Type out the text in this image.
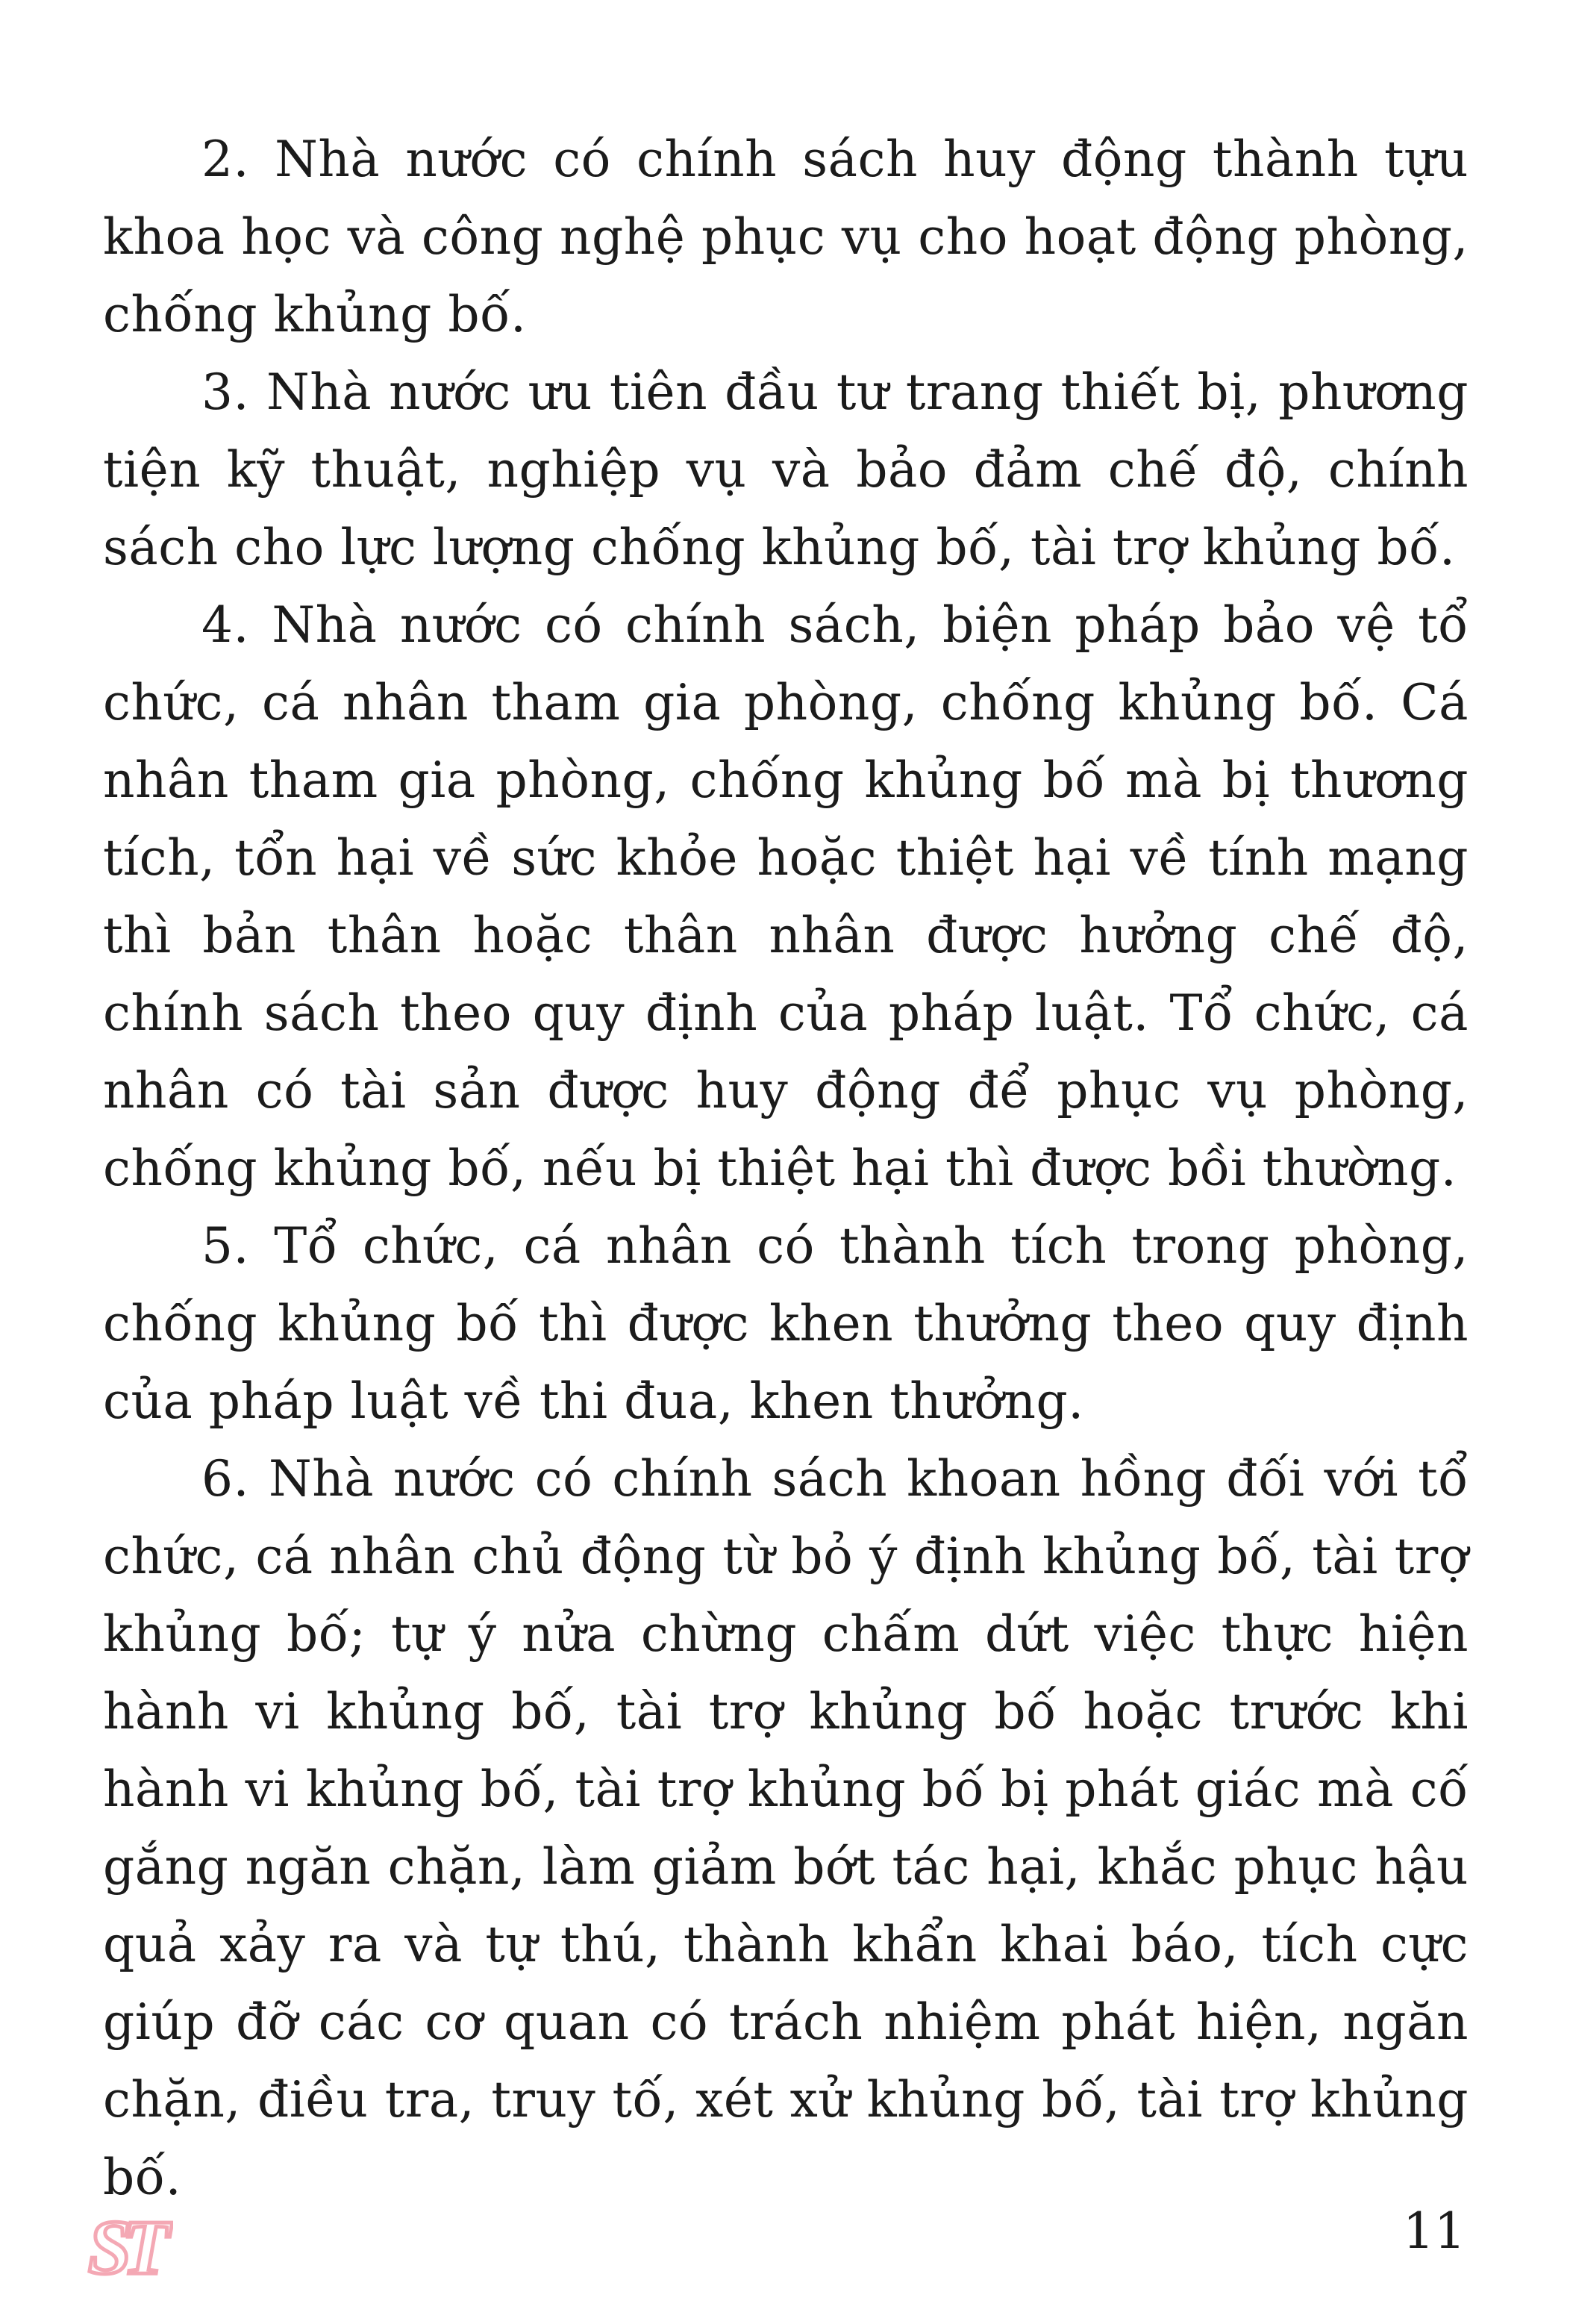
2. Nhà nước có chính sách huy động thành tựu khoa học và công nghệ phục vụ cho hoạt động phòng, chống khủng bố.

3. Nhà nước ưu tiên đầu tư trang thiết bị, phương tiện kỹ thuật, nghiệp vụ và bảo đảm chế độ, chính sách cho lực lượng chống khủng bố, tài trợ khủng bố.

4. Nhà nước có chính sách, biện pháp bảo vệ tổ chức, cá nhân tham gia phòng, chống khủng bố. Cá nhân tham gia phòng, chống khủng bố mà bị thương tích, tổn hại về sức khỏe hoặc thiệt hại về tính mạng thì bản thân hoặc thân nhân được hưởng chế độ, chính sách theo quy định của pháp luật. Tổ chức, cá nhân có tài sản được huy động để phục vụ phòng, chống khủng bố, nếu bị thiệt hại thì được bồi thường.

5. Tổ chức, cá nhân có thành tích trong phòng, chống khủng bố thì được khen thưởng theo quy định của pháp luật về thi đua, khen thưởng.

6. Nhà nước có chính sách khoan hồng đối với tổ chức, cá nhân chủ động từ bỏ ý định khủng bố, tài trợ khủng bố; tự ý nửa chừng chấm dứt việc thực hiện hành vi khủng bố, tài trợ khủng bố hoặc trước khi hành vi khủng bố, tài trợ khủng bố bị phát giác mà cố gắng ngăn chặn, làm giảm bớt tác hại, khắc phục hậu quả xảy ra và tự thú, thành khẩn khai báo, tích cực giúp đỡ các cơ quan có trách nhiệm phát hiện, ngăn chặn, điều tra, truy tố, xét xử khủng bố, tài trợ khủng bố.

ST	11
